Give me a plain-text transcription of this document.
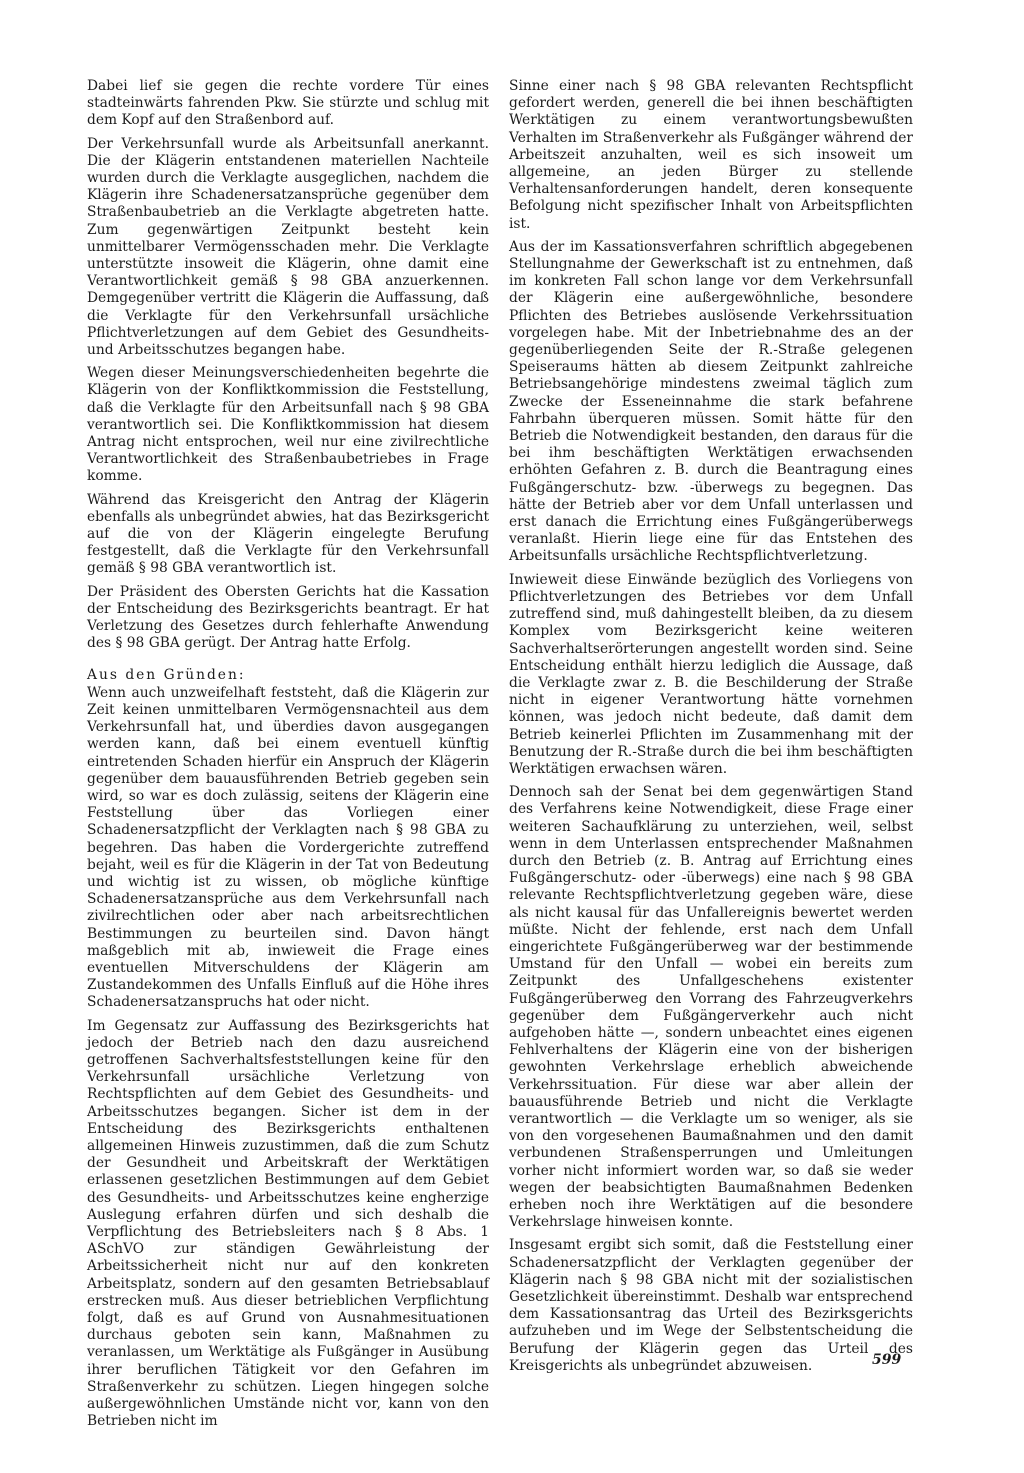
Dabei lief sie gegen die rechte vordere Tür eines stadteinwärts fahrenden Pkw. Sie stürzte und schlug mit dem Kopf auf den Straßenbord auf.

Der Verkehrsunfall wurde als Arbeitsunfall anerkannt. Die der Klägerin entstandenen materiellen Nachteile wurden durch die Verklagte ausgeglichen, nachdem die Klägerin ihre Schadenersatzansprüche gegenüber dem Straßenbaubetrieb an die Verklagte abgetreten hatte. Zum gegenwärtigen Zeitpunkt besteht kein unmittelbarer Vermögensschaden mehr. Die Verklagte unterstützte insoweit die Klägerin, ohne damit eine Verantwortlichkeit gemäß § 98 GBA anzuerkennen. Demgegenüber vertritt die Klägerin die Auffassung, daß die Verklagte für den Verkehrsunfall ursächliche Pflichtverletzungen auf dem Gebiet des Gesundheits- und Arbeitsschutzes begangen habe.

Wegen dieser Meinungsverschiedenheiten begehrte die Klägerin von der Konfliktkommission die Feststellung, daß die Verklagte für den Arbeitsunfall nach § 98 GBA verantwortlich sei. Die Konfliktkommission hat diesem Antrag nicht entsprochen, weil nur eine zivilrechtliche Verantwortlichkeit des Straßenbaubetriebes in Frage komme.

Während das Kreisgericht den Antrag der Klägerin ebenfalls als unbegründet abwies, hat das Bezirksgericht auf die von der Klägerin eingelegte Berufung festgestellt, daß die Verklagte für den Verkehrsunfall gemäß § 98 GBA verantwortlich ist.

Der Präsident des Obersten Gerichts hat die Kassation der Entscheidung des Bezirksgerichts beantragt. Er hat Verletzung des Gesetzes durch fehlerhafte Anwendung des § 98 GBA gerügt. Der Antrag hatte Erfolg.

Aus den Gründen:

Wenn auch unzweifelhaft feststeht, daß die Klägerin zur Zeit keinen unmittelbaren Vermögensnachteil aus dem Verkehrsunfall hat, und überdies davon ausgegangen werden kann, daß bei einem eventuell künftig eintretenden Schaden hierfür ein Anspruch der Klägerin gegenüber dem bauausführenden Betrieb gegeben sein wird, so war es doch zulässig, seitens der Klägerin eine Feststellung über das Vorliegen einer Schadenersatzpflicht der Verklagten nach § 98 GBA zu begehren. Das haben die Vordergerichte zutreffend bejaht, weil es für die Klägerin in der Tat von Bedeutung und wichtig ist zu wissen, ob mögliche künftige Schadenersatzansprüche aus dem Verkehrsunfall nach zivilrechtlichen oder aber nach arbeitsrechtlichen Bestimmungen zu beurteilen sind. Davon hängt maßgeblich mit ab, inwieweit die Frage eines eventuellen Mitverschuldens der Klägerin am Zustandekommen des Unfalls Einfluß auf die Höhe ihres Schadenersatzanspruchs hat oder nicht.

Im Gegensatz zur Auffassung des Bezirksgerichts hat jedoch der Betrieb nach den dazu ausreichend getroffenen Sachverhaltsfeststellungen keine für den Verkehrsunfall ursächliche Verletzung von Rechtspflichten auf dem Gebiet des Gesundheits- und Arbeitsschutzes begangen. Sicher ist dem in der Entscheidung des Bezirksgerichts enthaltenen allgemeinen Hinweis zuzustimmen, daß die zum Schutz der Gesundheit und Arbeitskraft der Werktätigen erlassenen gesetzlichen Bestimmungen auf dem Gebiet des Gesundheits- und Arbeitsschutzes keine engherzige Auslegung erfahren dürfen und sich deshalb die Verpflichtung des Betriebsleiters nach § 8 Abs. 1 ASchVO zur ständigen Gewährleistung der Arbeitssicherheit nicht nur auf den konkreten Arbeitsplatz, sondern auf den gesamten Betriebsablauf erstrecken muß. Aus dieser betrieblichen Verpflichtung folgt, daß es auf Grund von Ausnahmesituationen durchaus geboten sein kann, Maßnahmen zu veranlassen, um Werktätige als Fußgänger in Ausübung ihrer beruflichen Tätigkeit vor den Gefahren im Straßenverkehr zu schützen. Liegen hingegen solche außergewöhnlichen Umstände nicht vor, kann von den Betrieben nicht im

Sinne einer nach § 98 GBA relevanten Rechtspflicht gefordert werden, generell die bei ihnen beschäftigten Werktätigen zu einem verantwortungsbewußten Verhalten im Straßenverkehr als Fußgänger während der Arbeitszeit anzuhalten, weil es sich insoweit um allgemeine, an jeden Bürger zu stellende Verhaltensanforderungen handelt, deren konsequente Befolgung nicht spezifischer Inhalt von Arbeitspflichten ist.

Aus der im Kassationsverfahren schriftlich abgegebenen Stellungnahme der Gewerkschaft ist zu entnehmen, daß im konkreten Fall schon lange vor dem Verkehrsunfall der Klägerin eine außergewöhnliche, besondere Pflichten des Betriebes auslösende Verkehrssituation vorgelegen habe. Mit der Inbetriebnahme des an der gegenüberliegenden Seite der R.-Straße gelegenen Speiseraums hätten ab diesem Zeitpunkt zahlreiche Betriebsangehörige mindestens zweimal täglich zum Zwecke der Esseneinnahme die stark befahrene Fahrbahn überqueren müssen. Somit hätte für den Betrieb die Notwendigkeit bestanden, den daraus für die bei ihm beschäftigten Werktätigen erwachsenden erhöhten Gefahren z. B. durch die Beantragung eines Fußgängerschutz- bzw. -überwegs zu begegnen. Das hätte der Betrieb aber vor dem Unfall unterlassen und erst danach die Errichtung eines Fußgängerüberwegs veranlaßt. Hierin liege eine für das Entstehen des Arbeitsunfalls ursächliche Rechtspflichtverletzung.

Inwieweit diese Einwände bezüglich des Vorliegens von Pflichtverletzungen des Betriebes vor dem Unfall zutreffend sind, muß dahingestellt bleiben, da zu diesem Komplex vom Bezirksgericht keine weiteren Sachverhaltserörterungen angestellt worden sind. Seine Entscheidung enthält hierzu lediglich die Aussage, daß die Verklagte zwar z. B. die Beschilderung der Straße nicht in eigener Verantwortung hätte vornehmen können, was jedoch nicht bedeute, daß damit dem Betrieb keinerlei Pflichten im Zusammenhang mit der Benutzung der R.-Straße durch die bei ihm beschäftigten Werktätigen erwachsen wären.

Dennoch sah der Senat bei dem gegenwärtigen Stand des Verfahrens keine Notwendigkeit, diese Frage einer weiteren Sachaufklärung zu unterziehen, weil, selbst wenn in dem Unterlassen entsprechender Maßnahmen durch den Betrieb (z. B. Antrag auf Errichtung eines Fußgängerschutz- oder -überwegs) eine nach § 98 GBA relevante Rechtspflichtverletzung gegeben wäre, diese als nicht kausal für das Unfallereignis bewertet werden müßte. Nicht der fehlende, erst nach dem Unfall eingerichtete Fußgängerüberweg war der bestimmende Umstand für den Unfall — wobei ein bereits zum Zeitpunkt des Unfallgeschehens existenter Fußgängerüberweg den Vorrang des Fahrzeugverkehrs gegenüber dem Fußgängerverkehr auch nicht aufgehoben hätte —, sondern unbeachtet eines eigenen Fehlverhaltens der Klägerin eine von der bisherigen gewohnten Verkehrslage erheblich abweichende Verkehrssituation. Für diese war aber allein der bauausführende Betrieb und nicht die Verklagte verantwortlich — die Verklagte um so weniger, als sie von den vorgesehenen Baumaßnahmen und den damit verbundenen Straßensperrungen und Umleitungen vorher nicht informiert worden war, so daß sie weder wegen der beabsichtigten Baumaßnahmen Bedenken erheben noch ihre Werktätigen auf die besondere Verkehrslage hinweisen konnte.

Insgesamt ergibt sich somit, daß die Feststellung einer Schadenersatzpflicht der Verklagten gegenüber der Klägerin nach § 98 GBA nicht mit der sozialistischen Gesetzlichkeit übereinstimmt. Deshalb war entsprechend dem Kassationsantrag das Urteil des Bezirksgerichts aufzuheben und im Wege der Selbstentscheidung die Berufung der Klägerin gegen das Urteil des Kreisgerichts als unbegründet abzuweisen.	599
